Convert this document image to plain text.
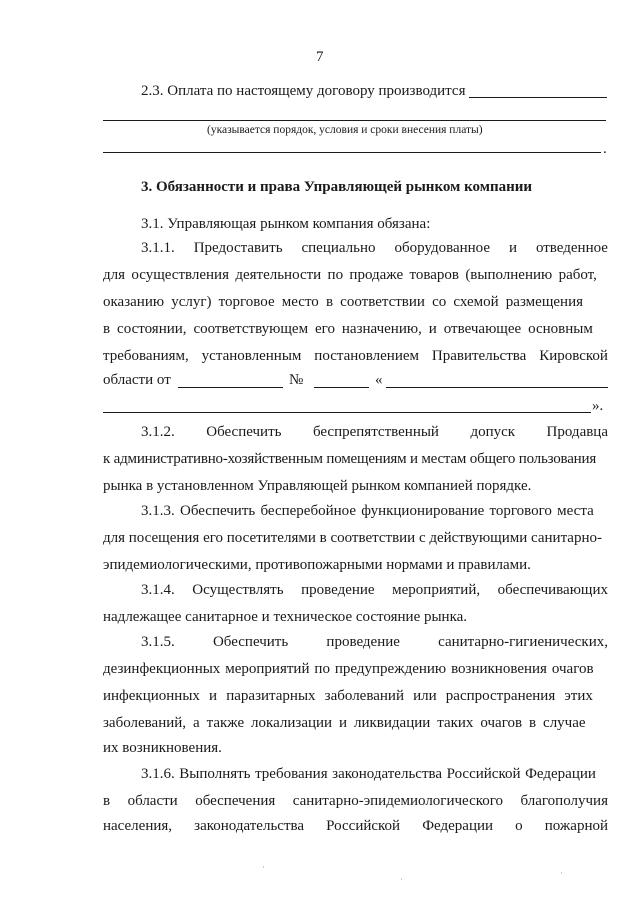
7
2.3. Оплата по настоящему договору производится
(указывается порядок, условия и сроки внесения платы)
.
3. Обязанности и права Управляющей рынком компании
3.1. Управляющая рынком компания обязана:
3.1.1. Предоставить специально оборудованное и отведенное
для осуществления деятельности по продаже товаров (выполнению работ,
оказанию услуг) торговое место в соответствии со схемой размещения
в состоянии, соответствующем его назначению, и отвечающее основным
требованиям, установленным постановлением Правительства Кировской
области от	№	«
».
3.1.2. Обеспечить беспрепятственный допуск Продавца
к административно-хозяйственным помещениям и местам общего пользования
рынка в установленном Управляющей рынком компанией порядке.
3.1.3. Обеспечить бесперебойное функционирование торгового места
для посещения его посетителями в соответствии с действующими санитарно-
эпидемиологическими, противопожарными нормами и правилами.
3.1.4. Осуществлять проведение мероприятий, обеспечивающих
надлежащее санитарное и техническое состояние рынка.
3.1.5.	Обеспечить	проведение	санитарно-гигиенических,
дезинфекционных мероприятий по предупреждению возникновения очагов
инфекционных и паразитарных заболеваний или распространения этих
заболеваний, а также локализации и ликвидации таких очагов в случае
их возникновения.
3.1.6. Выполнять требования законодательства Российской Федерации
в области обеспечения санитарно-эпидемиологического благополучия
населения, законодательства Российской Федерации о пожарной
·
·
·
